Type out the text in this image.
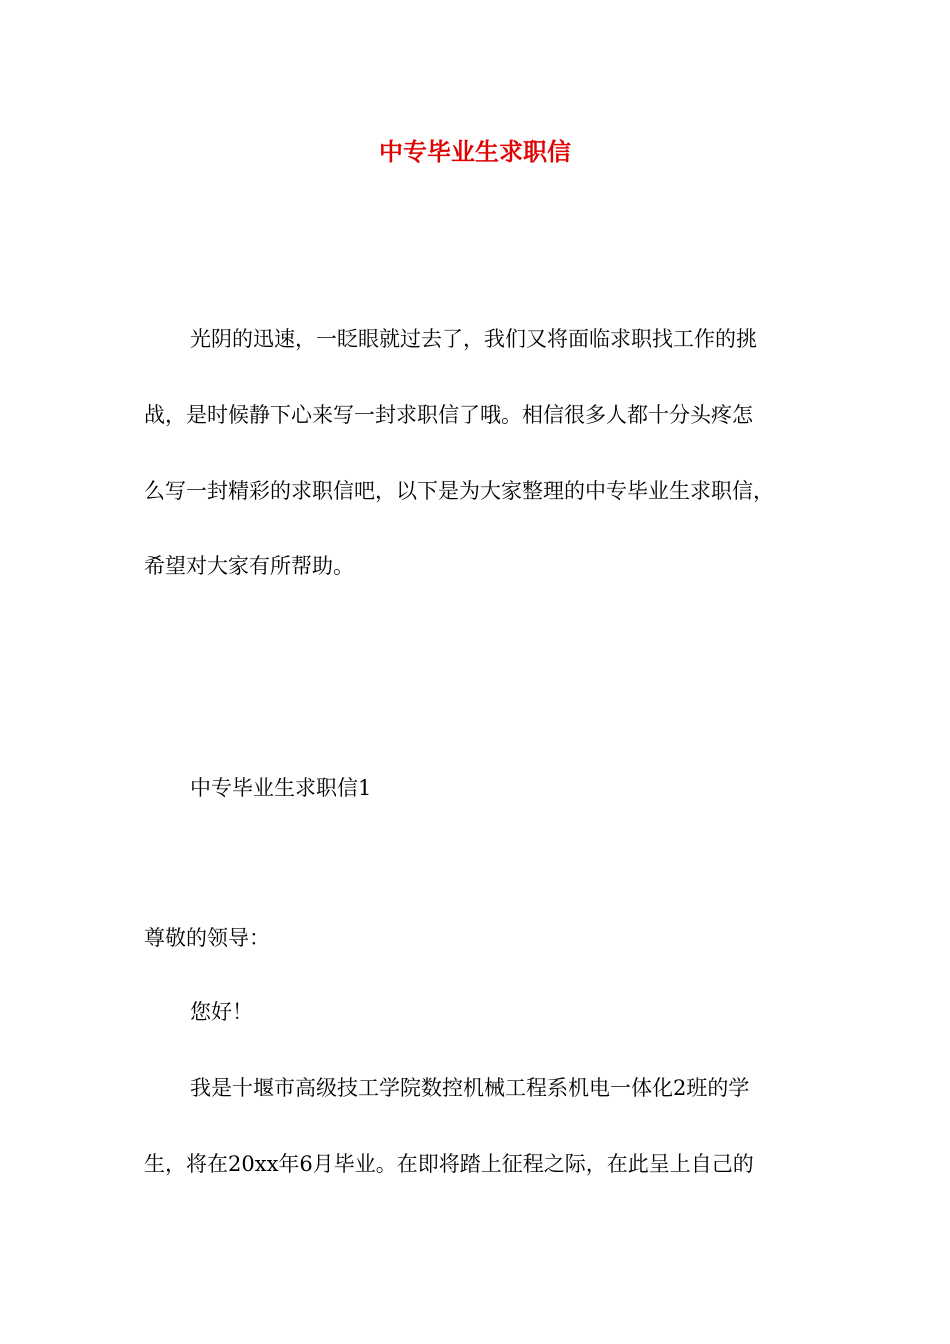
中专毕业生求职信
光阴的迅速，一眨眼就过去了，我们又将面临求职找工作的挑
战，是时候静下心来写一封求职信了哦。相信很多人都十分头疼怎
么写一封精彩的求职信吧，以下是为大家整理的中专毕业生求职信，
希望对大家有所帮助。
中专毕业生求职信1
尊敬的领导：
您好！
我是十堰市高级技工学院数控机械工程系机电一体化2班的学
生，将在20xx年6月毕业。在即将踏上征程之际，在此呈上自己的
